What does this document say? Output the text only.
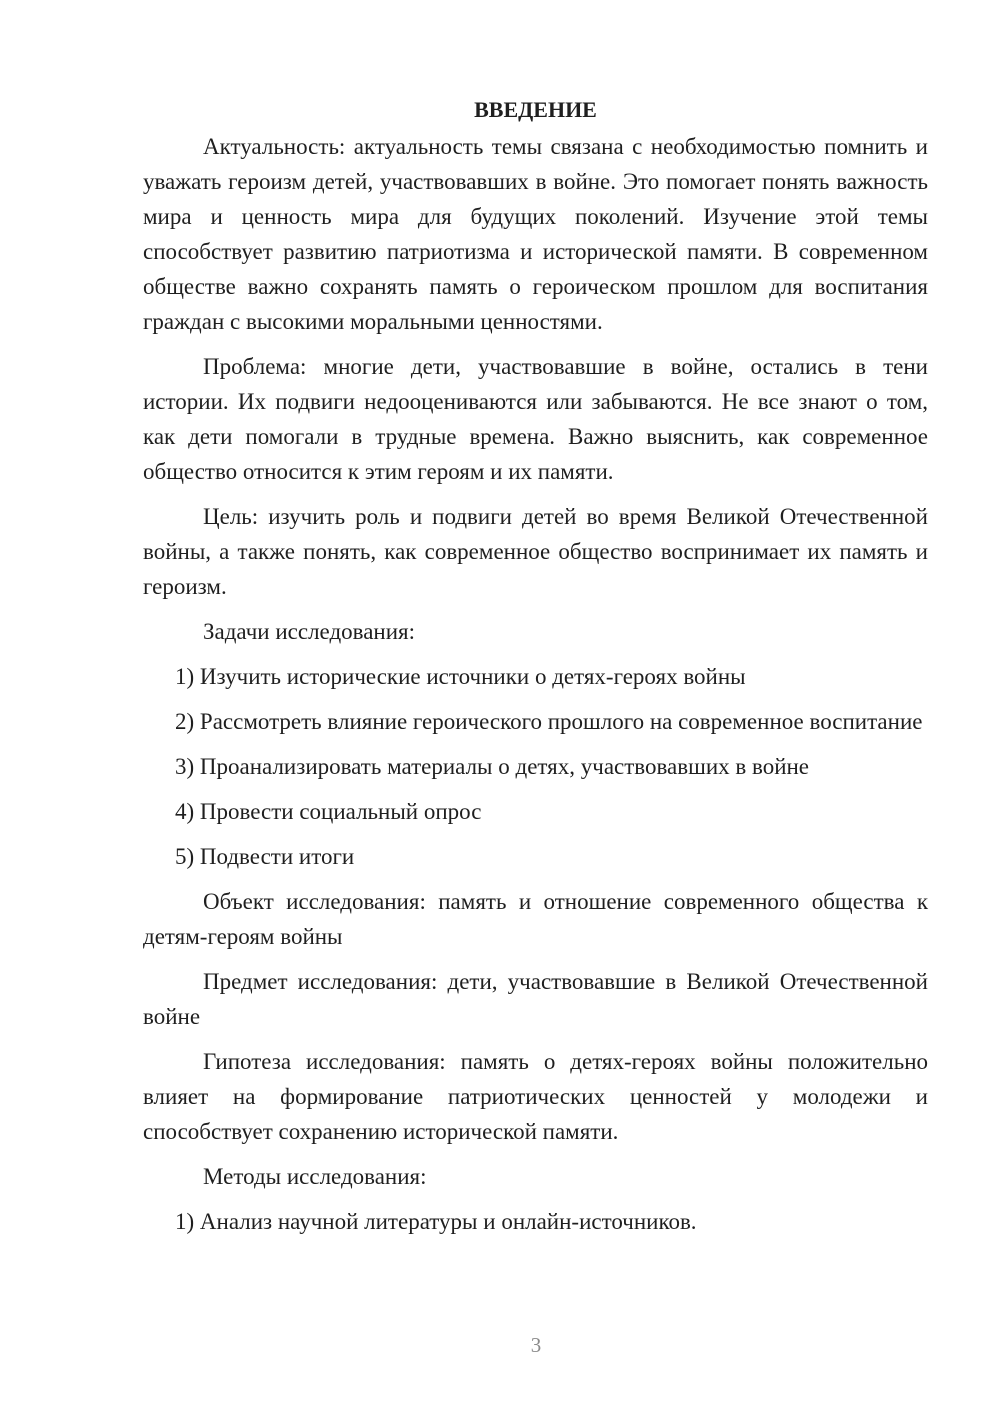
ВВЕДЕНИЕ

Актуальность: актуальность темы связана с необходимостью помнить и уважать героизм детей, участвовавших в войне. Это помогает понять важность мира и ценность мира для будущих поколений. Изучение этой темы способствует развитию патриотизма и исторической памяти. В современном обществе важно сохранять память о героическом прошлом для воспитания граждан с высокими моральными ценностями.

Проблема: многие дети, участвовавшие в войне, остались в тени истории. Их подвиги недооцениваются или забываются. Не все знают о том, как дети помогали в трудные времена. Важно выяснить, как современное общество относится к этим героям и их памяти.

Цель: изучить роль и подвиги детей во время Великой Отечественной войны, а также понять, как современное общество воспринимает их память и героизм.

Задачи исследования:

1) Изучить исторические источники о детях-героях войны

2) Рассмотреть влияние героического прошлого на современное воспитание

3) Проанализировать материалы о детях, участвовавших в войне

4) Провести социальный опрос

5) Подвести итоги

Объект исследования: память и отношение современного общества к детям-героям войны

Предмет исследования: дети, участвовавшие в Великой Отечественной войне

Гипотеза исследования: память о детях-героях войны положительно влияет на формирование патриотических ценностей у молодежи и способствует сохранению исторической памяти.

Методы исследования:

1) Анализ научной литературы и онлайн-источников.

3
